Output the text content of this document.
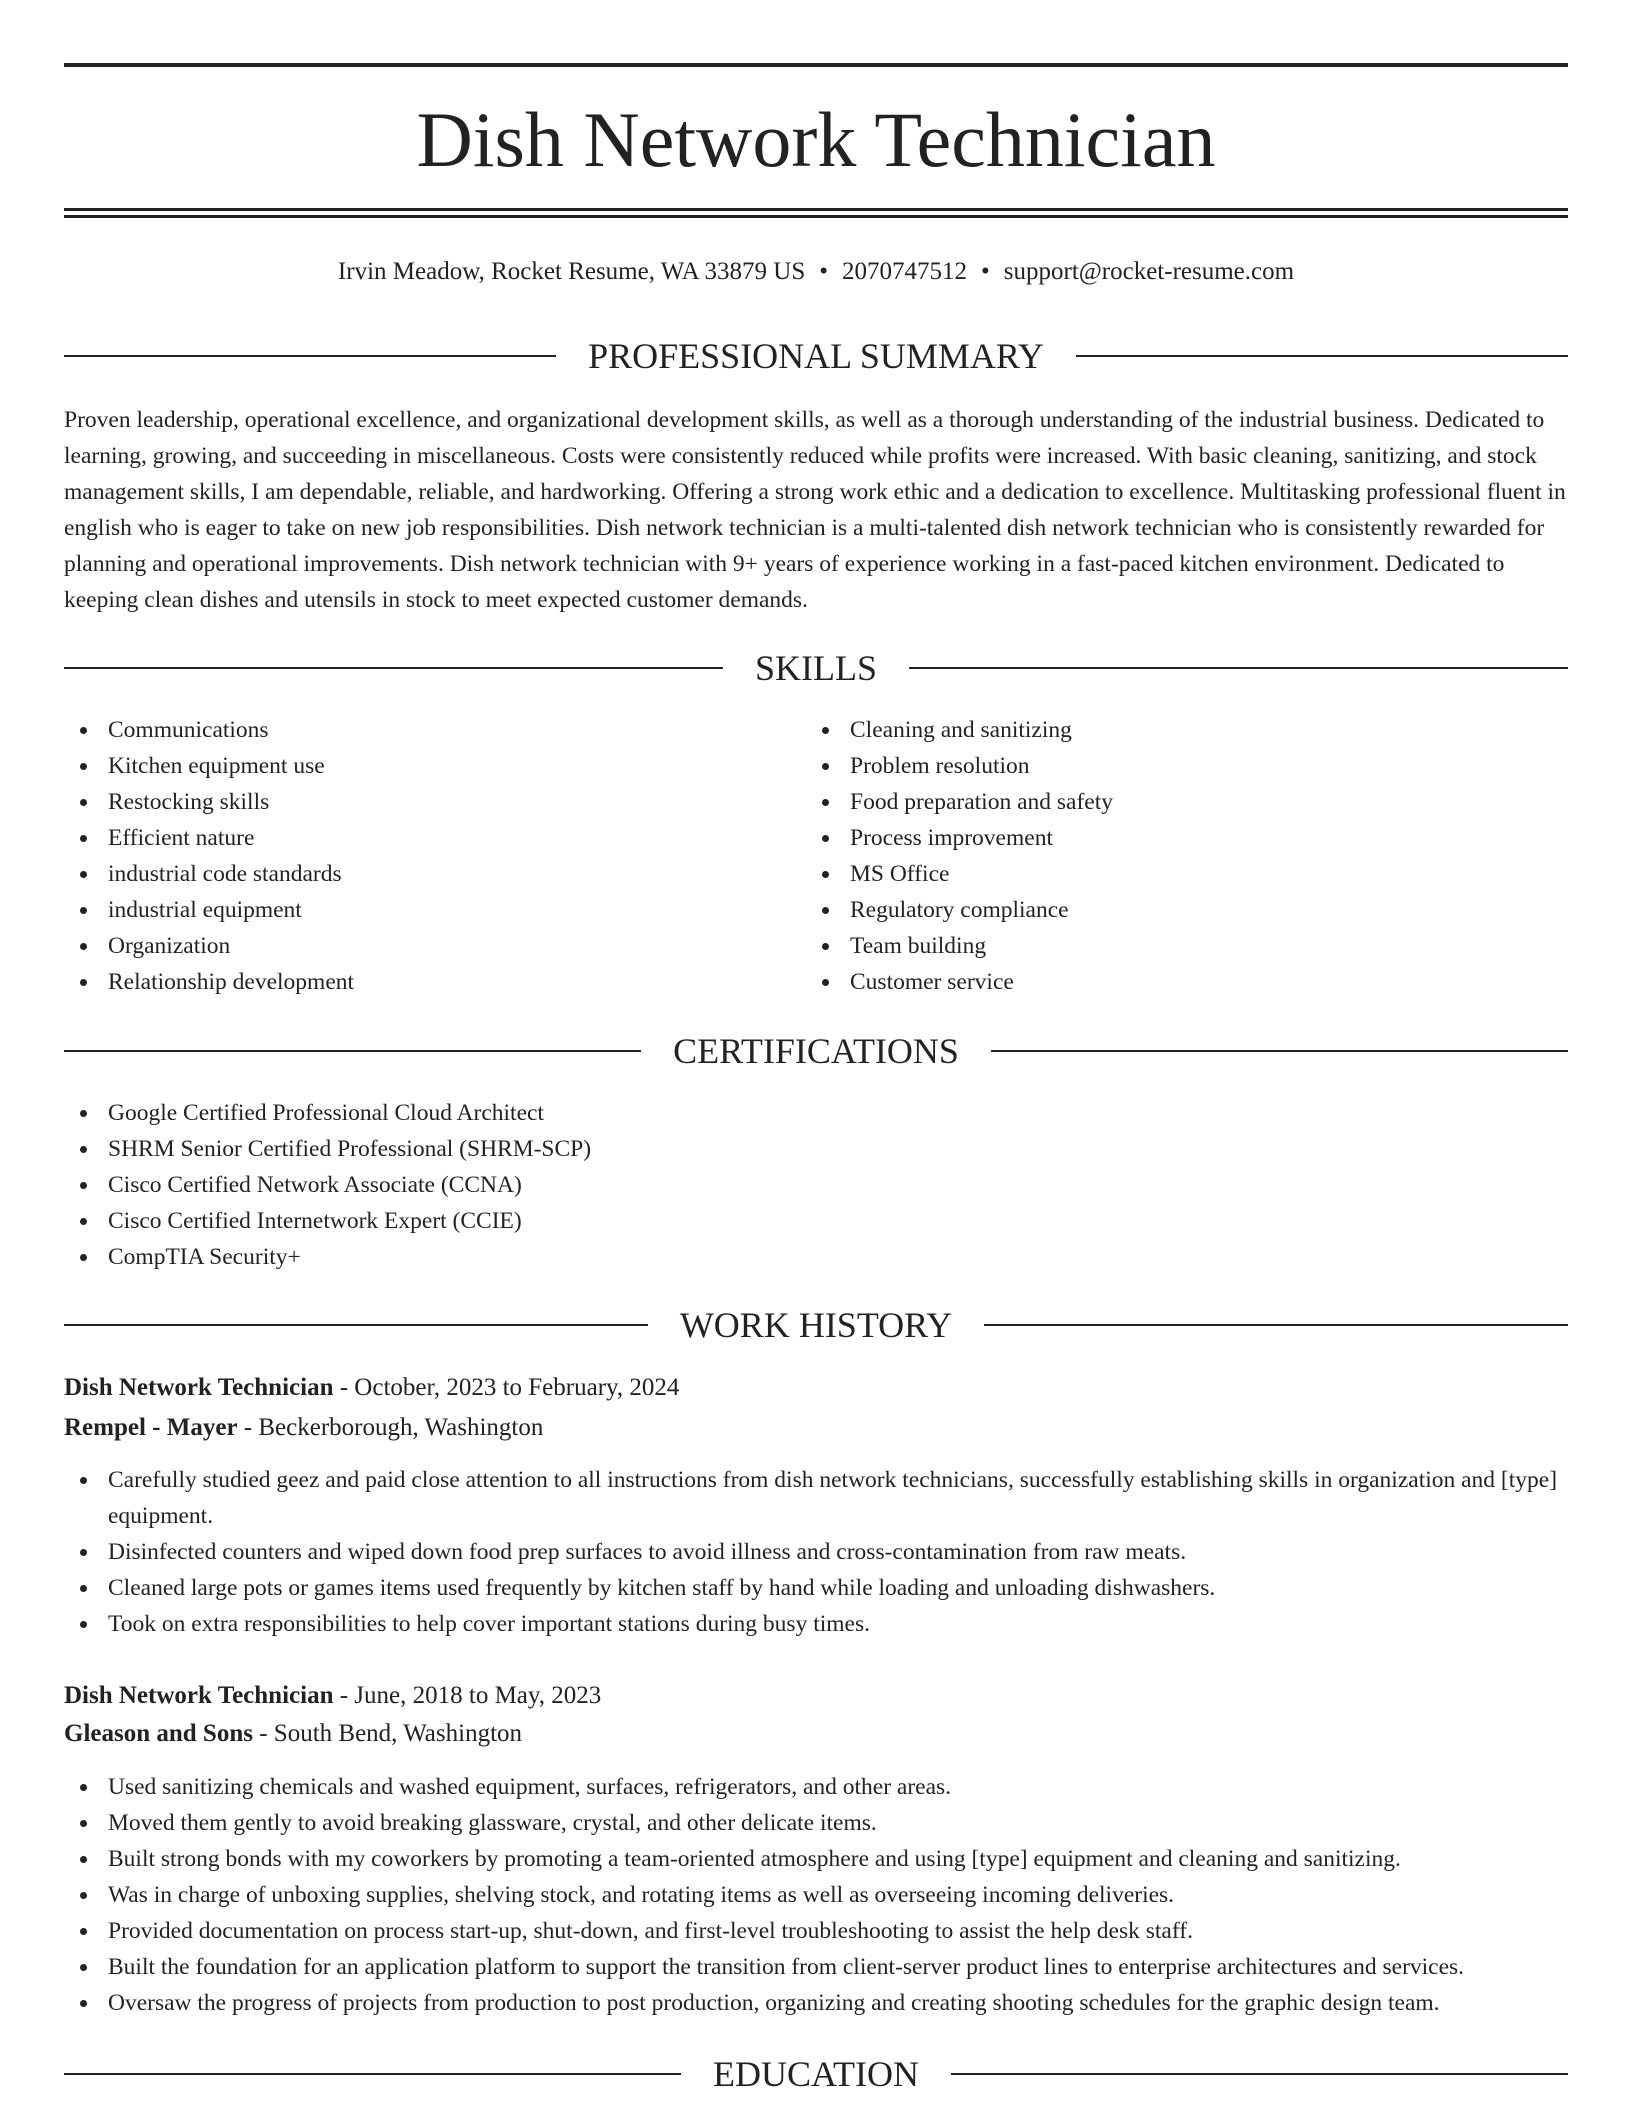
Dish Network Technician
Irvin Meadow, Rocket Resume, WA 33879 US • 2070747512 • support@rocket-resume.com
PROFESSIONAL SUMMARY

Proven leadership, operational excellence, and organizational development skills, as well as a thorough understanding of the industrial business. Dedicated to learning, growing, and succeeding in miscellaneous. Costs were consistently reduced while profits were increased. With basic cleaning, sanitizing, and stock management skills, I am dependable, reliable, and hardworking. Offering a strong work ethic and a dedication to excellence. Multitasking professional fluent in english who is eager to take on new job responsibilities. Dish network technician is a multi-talented dish network technician who is consistently rewarded for planning and operational improvements. Dish network technician with 9+ years of experience working in a fast-paced kitchen environment. Dedicated to keeping clean dishes and utensils in stock to meet expected customer demands.

SKILLS
Communications
Kitchen equipment use
Restocking skills
Efficient nature
industrial code standards
industrial equipment
Organization
Relationship development
Cleaning and sanitizing
Problem resolution
Food preparation and safety
Process improvement
MS Office
Regulatory compliance
Team building
Customer service
CERTIFICATIONS
Google Certified Professional Cloud Architect
SHRM Senior Certified Professional (SHRM-SCP)
Cisco Certified Network Associate (CCNA)
Cisco Certified Internetwork Expert (CCIE)
CompTIA Security+
WORK HISTORY
Dish Network Technician - October, 2023 to February, 2024
Rempel - Mayer - Beckerborough, Washington
Carefully studied geez and paid close attention to all instructions from dish network technicians, successfully establishing skills in organization and [type] equipment.
Disinfected counters and wiped down food prep surfaces to avoid illness and cross-contamination from raw meats.
Cleaned large pots or games items used frequently by kitchen staff by hand while loading and unloading dishwashers.
Took on extra responsibilities to help cover important stations during busy times.
Dish Network Technician - June, 2018 to May, 2023
Gleason and Sons - South Bend, Washington
Used sanitizing chemicals and washed equipment, surfaces, refrigerators, and other areas.
Moved them gently to avoid breaking glassware, crystal, and other delicate items.
Built strong bonds with my coworkers by promoting a team-oriented atmosphere and using [type] equipment and cleaning and sanitizing.
Was in charge of unboxing supplies, shelving stock, and rotating items as well as overseeing incoming deliveries.
Provided documentation on process start-up, shut-down, and first-level troubleshooting to assist the help desk staff.
Built the foundation for an application platform to support the transition from client-server product lines to enterprise architectures and services.
Oversaw the progress of projects from production to post production, organizing and creating shooting schedules for the graphic design team.
EDUCATION
